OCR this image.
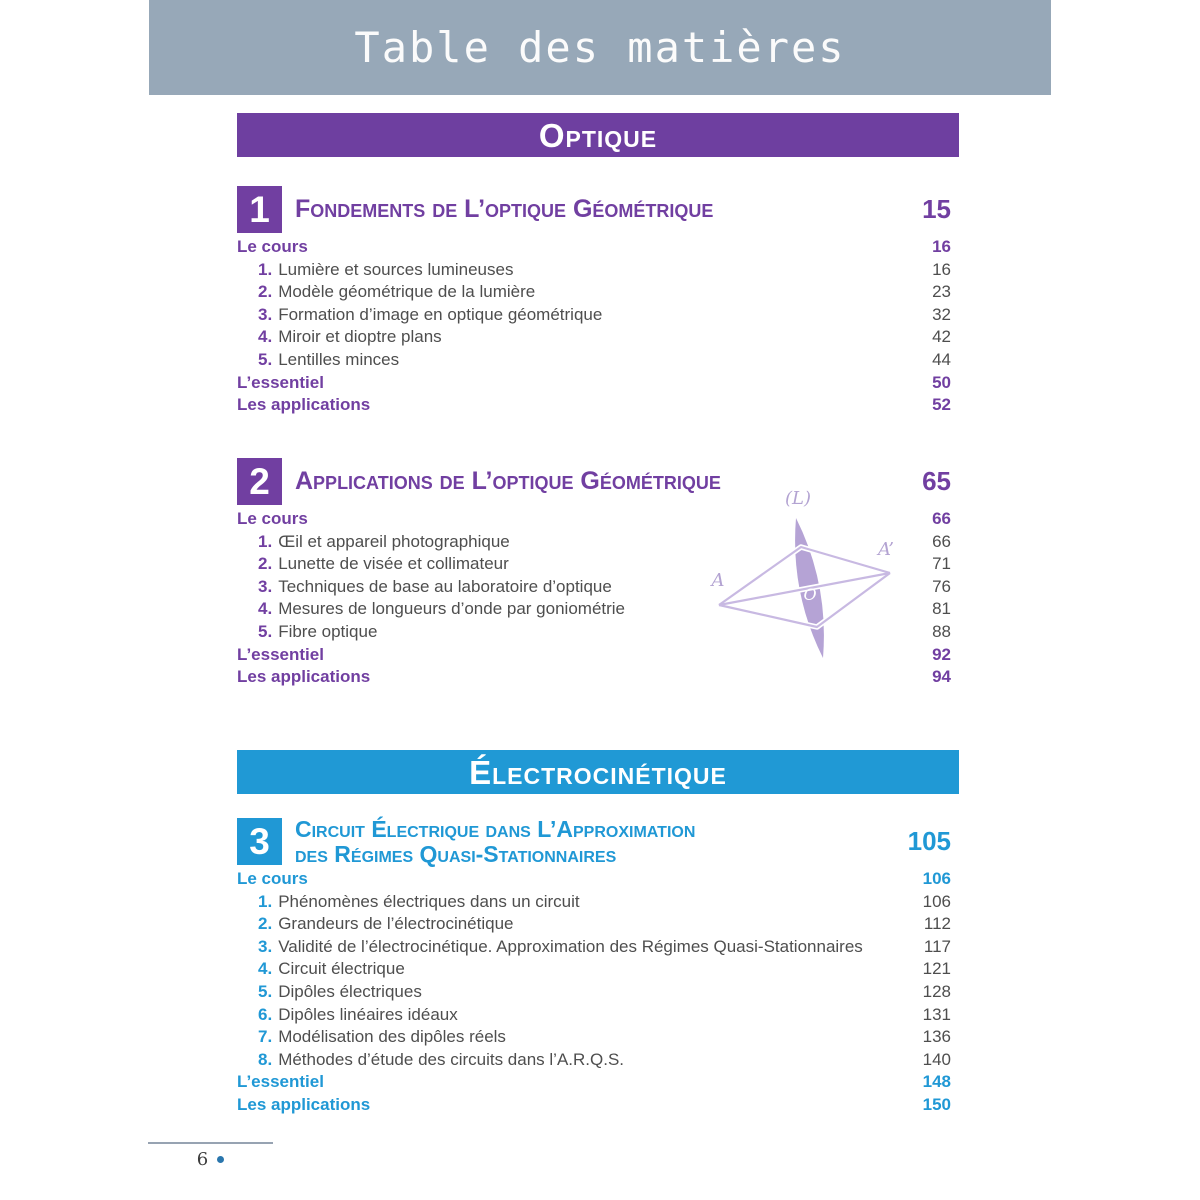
Table des matières
Optique
1	Fondements de L’optique Géométrique	15
Le cours	16
1. Lumière et sources lumineuses	16
2. Modèle géométrique de la lumière	23
3. Formation d’image en optique géométrique	32
4. Miroir et dioptre plans	42
5. Lentilles minces	44
L’essentiel	50
Les applications	52
2	Applications de L’optique Géométrique	65
Le cours	66
1. Œil et appareil photographique	66
2. Lunette de visée et collimateur	71
3. Techniques de base au laboratoire d’optique	76
4. Mesures de longueurs d’onde par goniométrie	81
5. Fibre optique	88
L’essentiel	92
Les applications	94
(L)
A
A’
O
Électrocinétique
3	Circuit Électrique dans L’Approximation
des Régimes Quasi-Stationnaires	105
Le cours	106
1. Phénomènes électriques dans un circuit	106
2. Grandeurs de l’électrocinétique	112
3. Validité de l’électrocinétique. Approximation des Régimes Quasi-Stationnaires	117
4. Circuit électrique	121
5. Dipôles électriques	128
6. Dipôles linéaires idéaux	131
7. Modélisation des dipôles réels	136
8. Méthodes d’étude des circuits dans l’A.R.Q.S.	140
L’essentiel	148
Les applications	150
6
